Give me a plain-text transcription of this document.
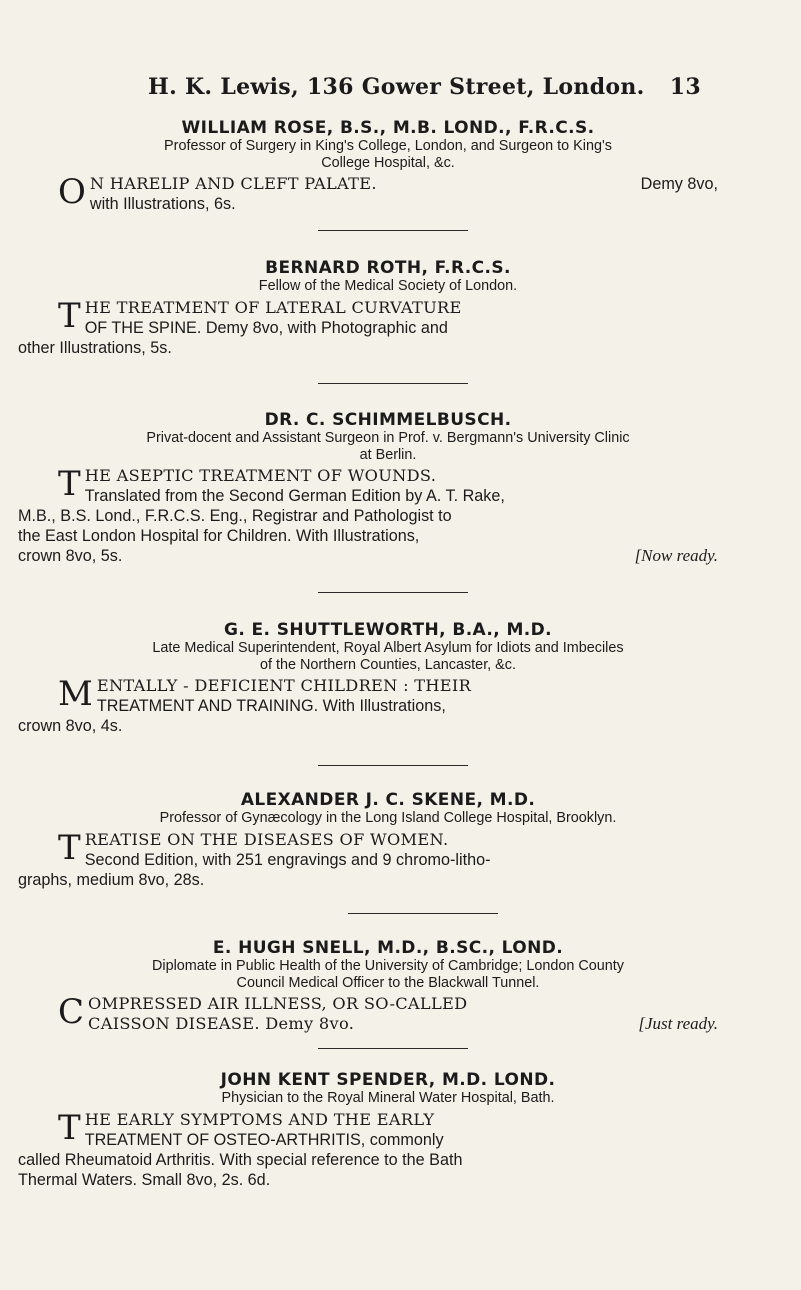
H. K. Lewis, 136 Gower Street, London. 13
WILLIAM ROSE, B.S., M.B. LOND., F.R.C.S.
Professor of Surgery in King's College, London, and Surgeon to King's
College Hospital, &c.
O N HARELIP AND CLEFT PALATE.	Demy 8vo,
with Illustrations, 6s.
BERNARD ROTH, F.R.C.S.
Fellow of the Medical Society of London.
T HE TREATMENT OF LATERAL CURVATURE
OF THE SPINE. Demy 8vo, with Photographic and
other Illustrations, 5s.
DR. C. SCHIMMELBUSCH.
Privat-docent and Assistant Surgeon in Prof. v. Bergmann's University Clinic
at Berlin.
T HE ASEPTIC TREATMENT OF WOUNDS.
Translated from the Second German Edition by A. T. Rake,
M.B., B.S. Lond., F.R.C.S. Eng., Registrar and Pathologist to
the East London Hospital for Children. With Illustrations,
crown 8vo, 5s.	[Now ready.
G. E. SHUTTLEWORTH, B.A., M.D.
Late Medical Superintendent, Royal Albert Asylum for Idiots and Imbeciles
of the Northern Counties, Lancaster, &c.
M ENTALLY - DEFICIENT CHILDREN : THEIR
TREATMENT AND TRAINING. With Illustrations,
crown 8vo, 4s.
ALEXANDER J. C. SKENE, M.D.
Professor of Gynæcology in the Long Island College Hospital, Brooklyn.
T REATISE ON THE DISEASES OF WOMEN.
Second Edition, with 251 engravings and 9 chromo-litho-
graphs, medium 8vo, 28s.
E. HUGH SNELL, M.D., B.SC., LOND.
Diplomate in Public Health of the University of Cambridge; London County
Council Medical Officer to the Blackwall Tunnel.
C OMPRESSED AIR ILLNESS, OR SO-CALLED
CAISSON DISEASE. Demy 8vo.	[Just ready.
JOHN KENT SPENDER, M.D. LOND.
Physician to the Royal Mineral Water Hospital, Bath.
T HE EARLY SYMPTOMS AND THE EARLY
TREATMENT OF OSTEO-ARTHRITIS, commonly
called Rheumatoid Arthritis. With special reference to the Bath
Thermal Waters. Small 8vo, 2s. 6d.
